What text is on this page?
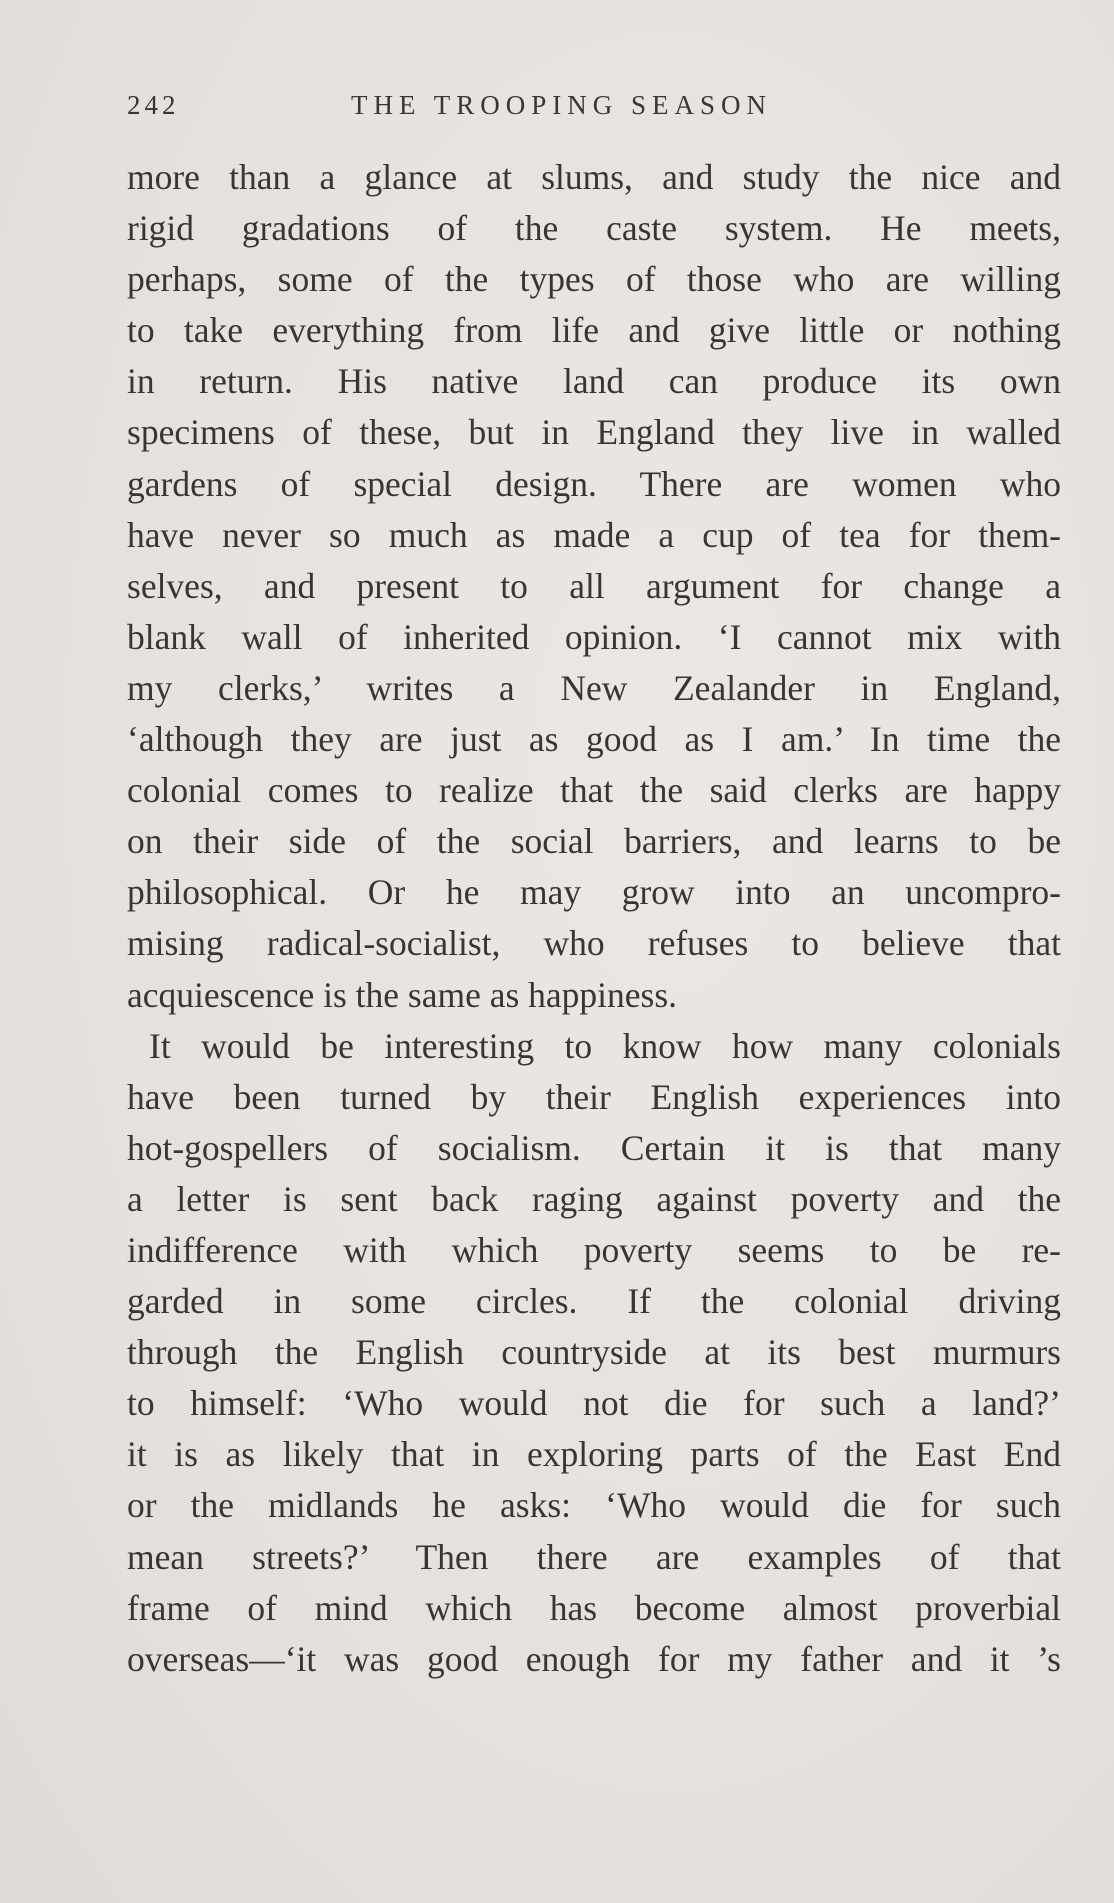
242	THE TROOPING SEASON
more than a glance at slums, and study the nice and
rigid gradations of the caste system. He meets,
perhaps, some of the types of those who are willing
to take everything from life and give little or nothing
in return. His native land can produce its own
specimens of these, but in England they live in walled
gardens of special design. There are women who
have never so much as made a cup of tea for them-
selves, and present to all argument for change a
blank wall of inherited opinion. ‘I cannot mix with
my clerks,’ writes a New Zealander in England,
‘although they are just as good as I am.’ In time the
colonial comes to realize that the said clerks are happy
on their side of the social barriers, and learns to be
philosophical. Or he may grow into an uncompro-
mising radical-socialist, who refuses to believe that
acquiescence is the same as happiness.
It would be interesting to know how many colonials
have been turned by their English experiences into
hot-gospellers of socialism. Certain it is that many
a letter is sent back raging against poverty and the
indifference with which poverty seems to be re-
garded in some circles. If the colonial driving
through the English countryside at its best murmurs
to himself: ‘Who would not die for such a land?’
it is as likely that in exploring parts of the East End
or the midlands he asks: ‘Who would die for such
mean streets?’ Then there are examples of that
frame of mind which has become almost proverbial
overseas—‘it was good enough for my father and it ’s
